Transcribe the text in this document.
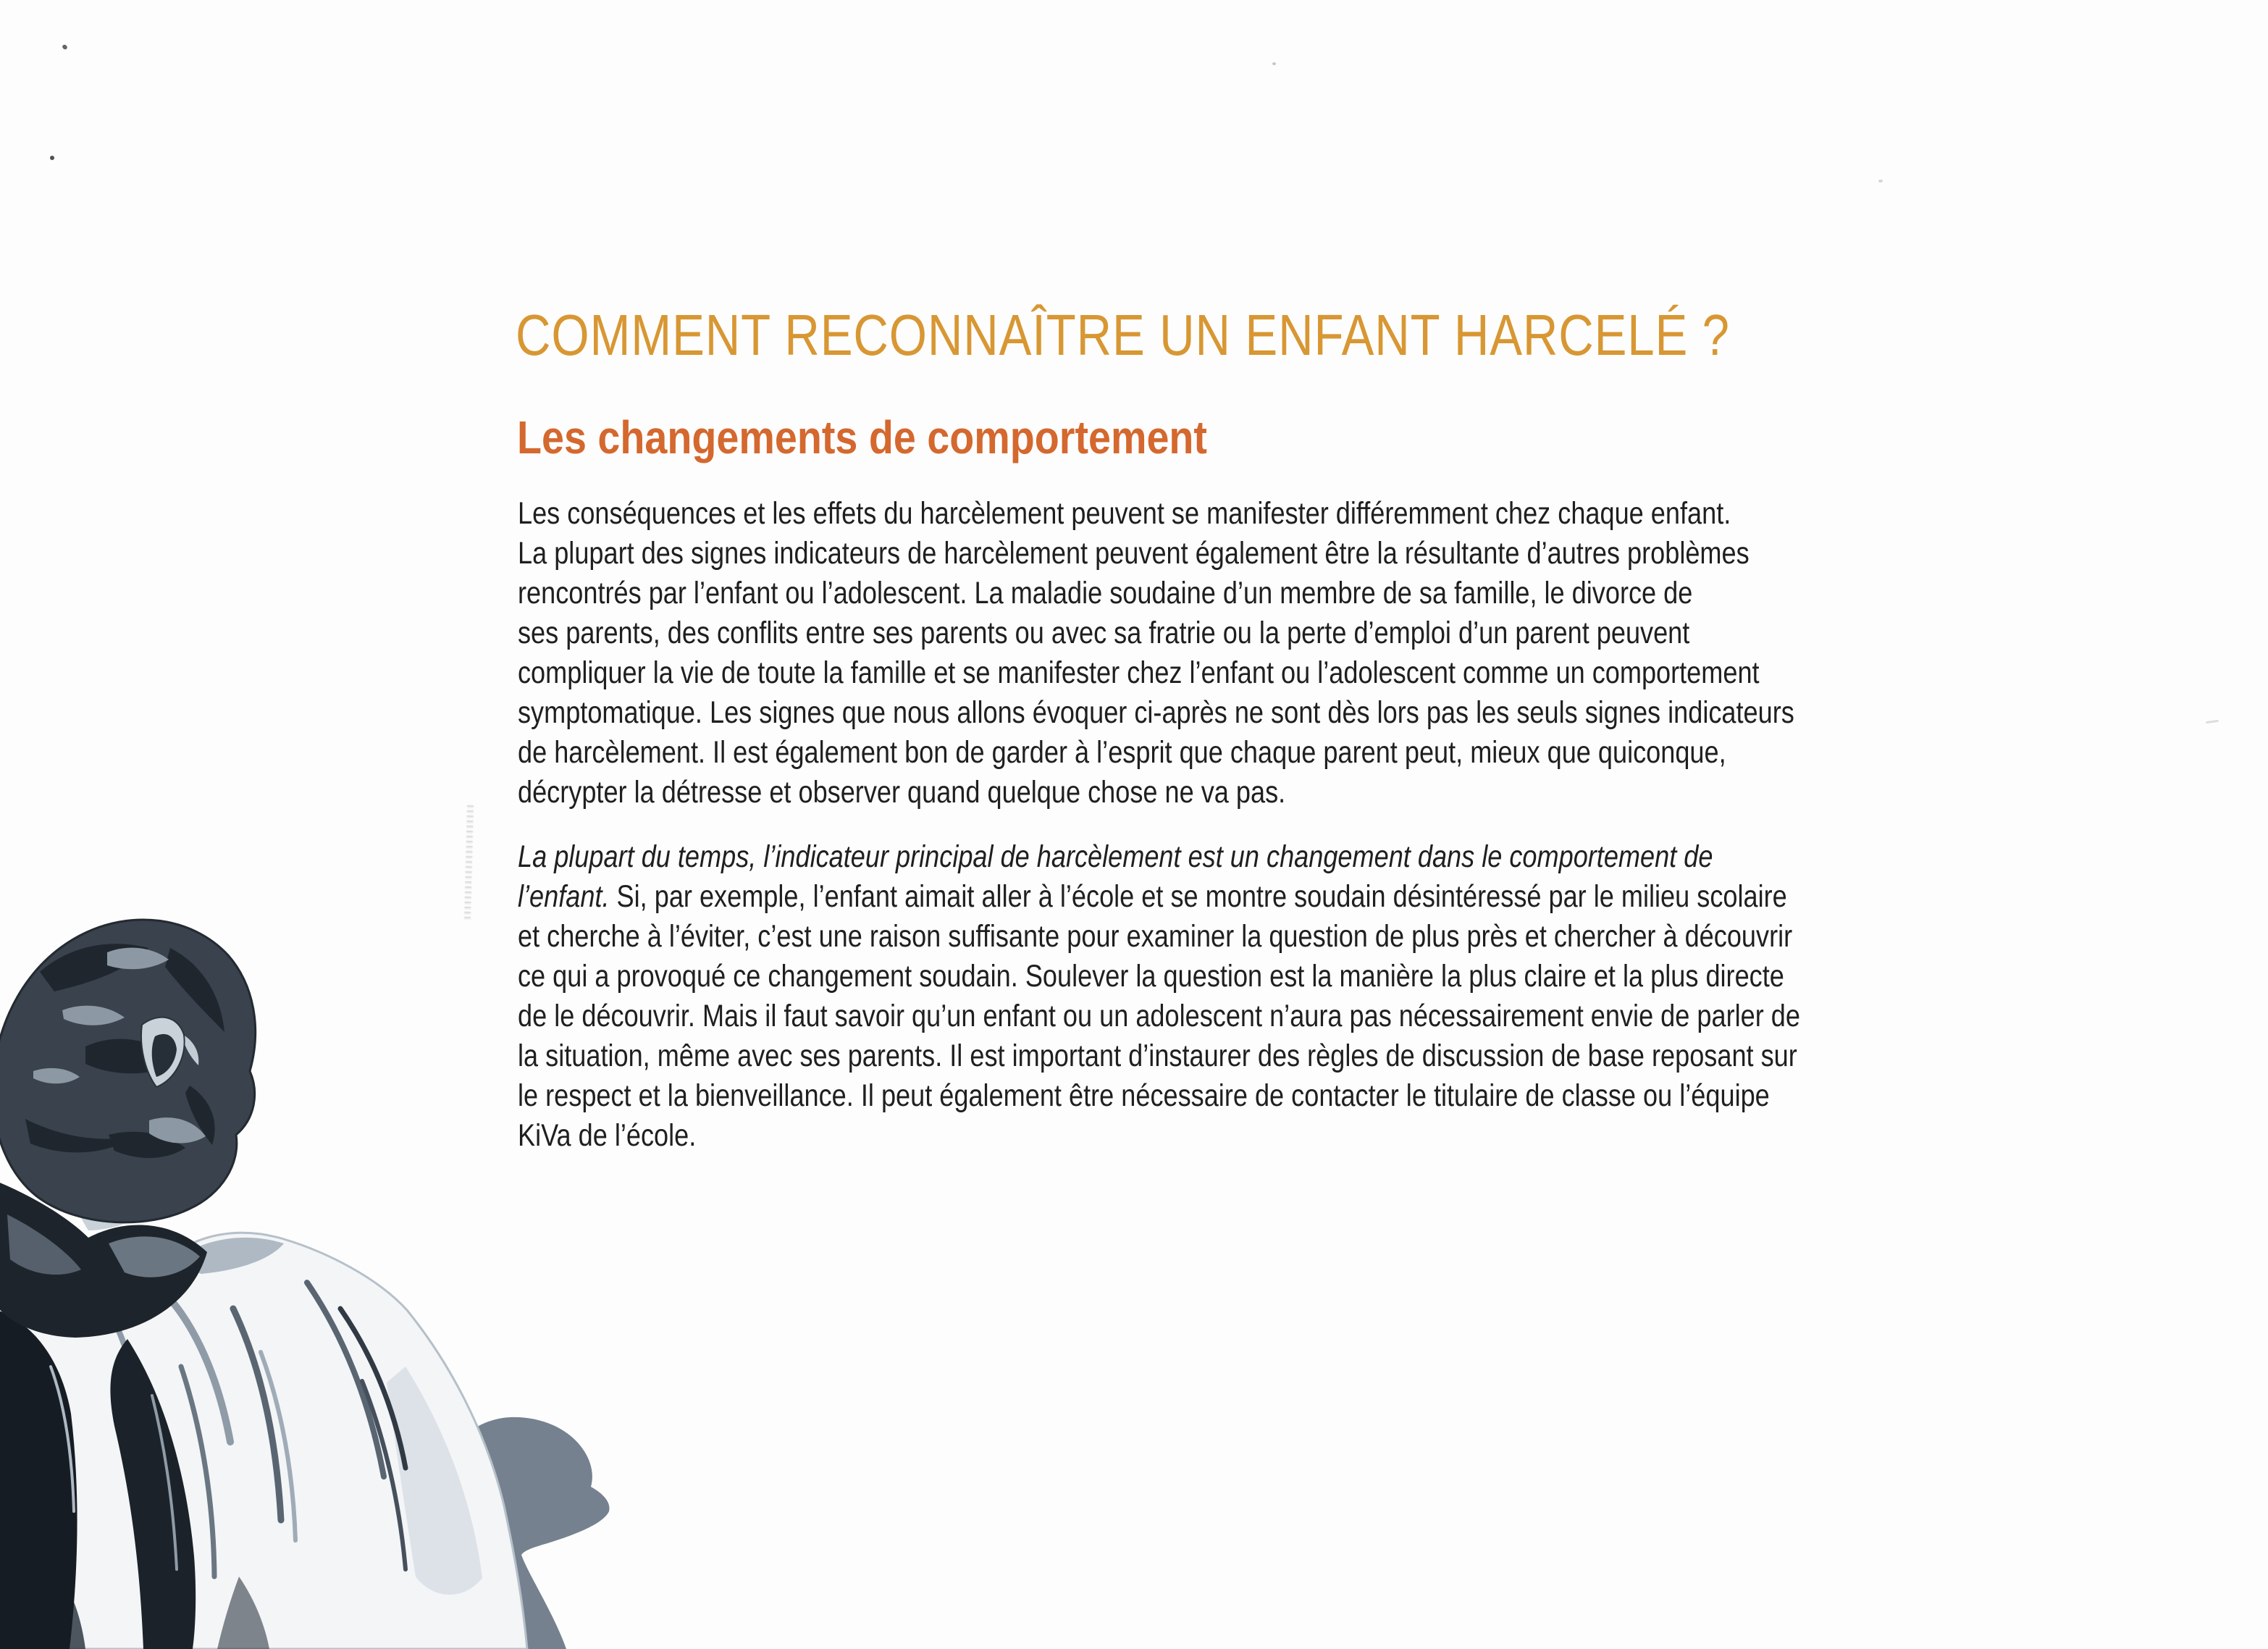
COMMENT RECONNAÎTRE UN ENFANT HARCELÉ ?
Les changements de comportement
Les conséquences et les effets du harcèlement peuvent se manifester différemment chez chaque enfant.
La plupart des signes indicateurs de harcèlement peuvent également être la résultante d’autres problèmes
rencontrés par l’enfant ou l’adolescent. La maladie soudaine d’un membre de sa famille, le divorce de
ses parents, des conflits entre ses parents ou avec sa fratrie ou la perte d’emploi d’un parent peuvent
compliquer la vie de toute la famille et se manifester chez l’enfant ou l’adolescent comme un comportement
symptomatique. Les signes que nous allons évoquer ci-après ne sont dès lors pas les seuls signes indicateurs
de harcèlement. Il est également bon de garder à l’esprit que chaque parent peut, mieux que quiconque,
décrypter la détresse et observer quand quelque chose ne va pas.
La plupart du temps, l’indicateur principal de harcèlement est un changement dans le comportement de
l’enfant. Si, par exemple, l’enfant aimait aller à l’école et se montre soudain désintéressé par le milieu scolaire
et cherche à l’éviter, c’est une raison suffisante pour examiner la question de plus près et chercher à découvrir
ce qui a provoqué ce changement soudain. Soulever la question est la manière la plus claire et la plus directe
de le découvrir. Mais il faut savoir qu’un enfant ou un adolescent n’aura pas nécessairement envie de parler de
la situation, même avec ses parents. Il est important d’instaurer des règles de discussion de base reposant sur
le respect et la bienveillance. Il peut également être nécessaire de contacter le titulaire de classe ou l’équipe
KiVa de l’école.
